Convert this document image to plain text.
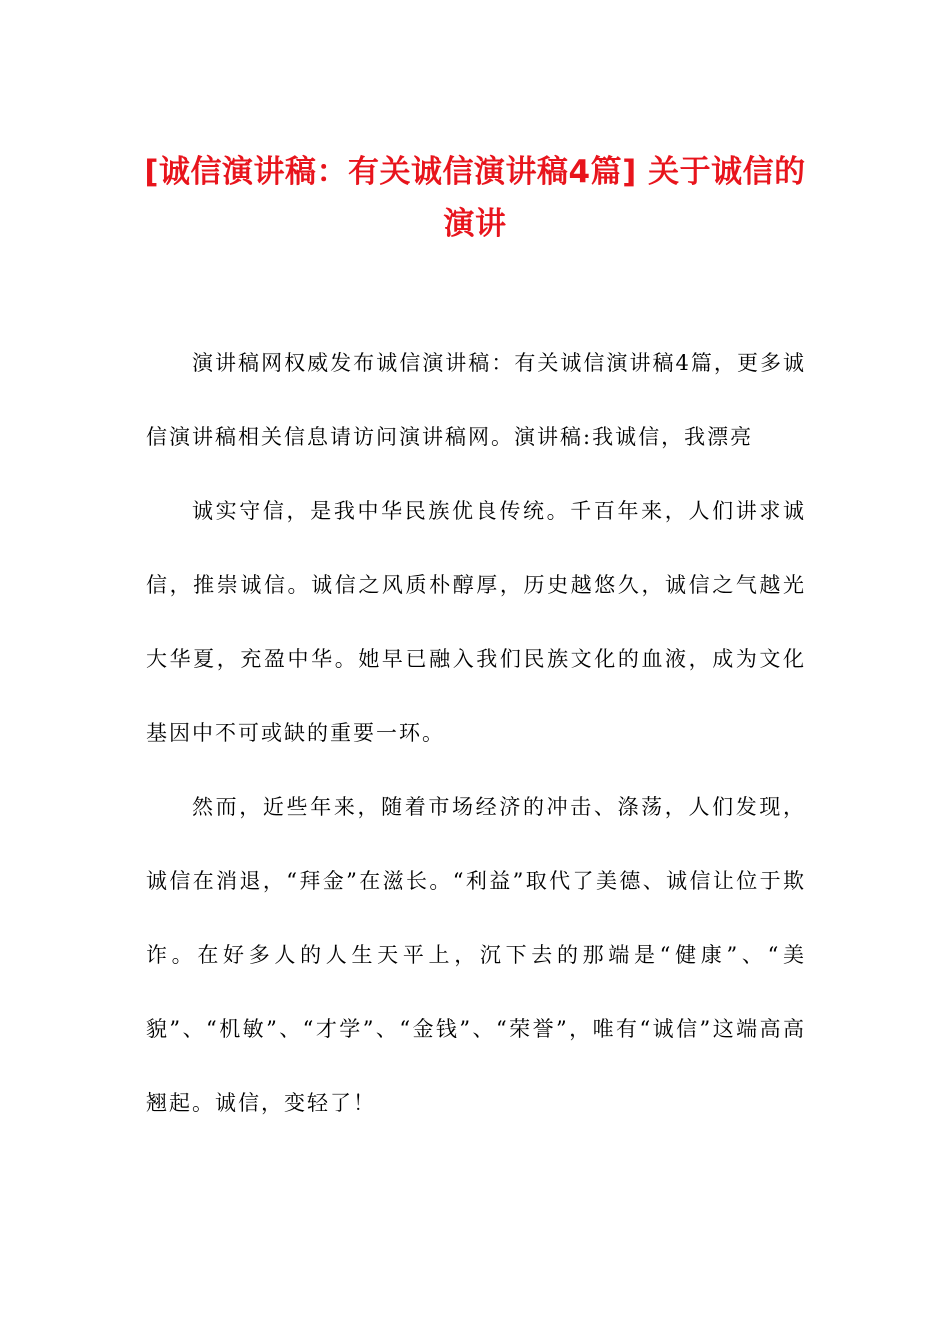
[诚信演讲稿：有关诚信演讲稿4篇] 关于诚信的演讲

演讲稿网权威发布诚信演讲稿：有关诚信演讲稿4篇，更多诚信演讲稿相关信息请访问演讲稿网。演讲稿:我诚信，我漂亮

诚实守信，是我中华民族优良传统。千百年来，人们讲求诚信，推崇诚信。诚信之风质朴醇厚，历史越悠久，诚信之气越光大华夏，充盈中华。她早已融入我们民族文化的血液，成为文化基因中不可或缺的重要一环。

然而，近些年来，随着市场经济的冲击、涤荡，人们发现，诚信在消退，“拜金”在滋长。“利益”取代了美德、诚信让位于欺诈。在好多人的人生天平上，沉下去的那端是“健康”、“美貌”、“机敏”、“才学”、“金钱”、“荣誉”，唯有“诚信”这端高高翘起。诚信，变轻了！
